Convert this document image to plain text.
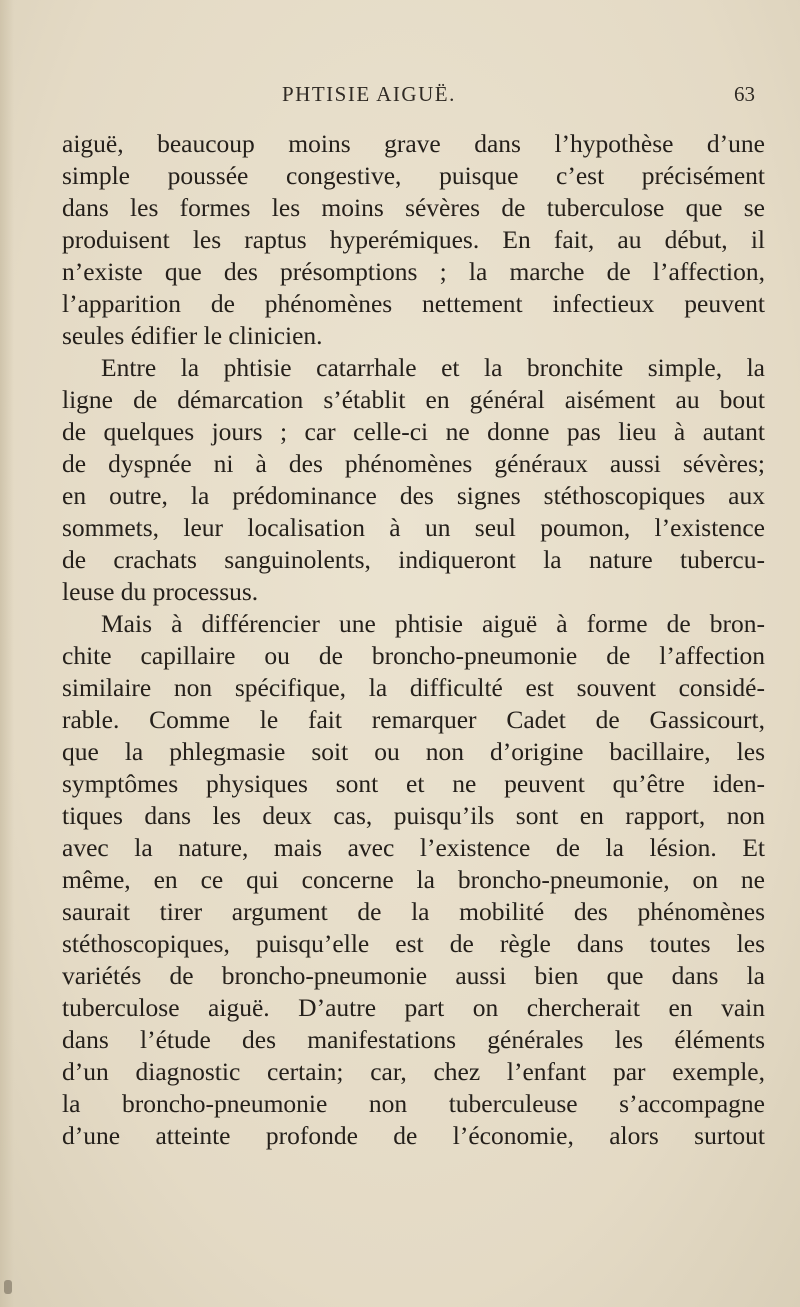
PHTISIE AIGUË.	63
aiguë, beaucoup moins grave dans l’hypothèse d’une
simple poussée congestive, puisque c’est précisément
dans les formes les moins sévères de tuberculose que se
produisent les raptus hyperémiques. En fait, au début, il
n’existe que des présomptions ; la marche de l’affection,
l’apparition de phénomènes nettement infectieux peuvent
seules édifier le clinicien.
Entre la phtisie catarrhale et la bronchite simple, la
ligne de démarcation s’établit en général aisément au bout
de quelques jours ; car celle-ci ne donne pas lieu à autant
de dyspnée ni à des phénomènes généraux aussi sévères;
en outre, la prédominance des signes stéthoscopiques aux
sommets, leur localisation à un seul poumon, l’existence
de crachats sanguinolents, indiqueront la nature tubercu-
leuse du processus.
Mais à différencier une phtisie aiguë à forme de bron-
chite capillaire ou de broncho-pneumonie de l’affection
similaire non spécifique, la difficulté est souvent considé-
rable. Comme le fait remarquer Cadet de Gassicourt,
que la phlegmasie soit ou non d’origine bacillaire, les
symptômes physiques sont et ne peuvent qu’être iden-
tiques dans les deux cas, puisqu’ils sont en rapport, non
avec la nature, mais avec l’existence de la lésion. Et
même, en ce qui concerne la broncho-pneumonie, on ne
saurait tirer argument de la mobilité des phénomènes
stéthoscopiques, puisqu’elle est de règle dans toutes les
variétés de broncho-pneumonie aussi bien que dans la
tuberculose aiguë. D’autre part on chercherait en vain
dans l’étude des manifestations générales les éléments
d’un diagnostic certain; car, chez l’enfant par exemple,
la broncho-pneumonie non tuberculeuse s’accompagne
d’une atteinte profonde de l’économie, alors surtout
